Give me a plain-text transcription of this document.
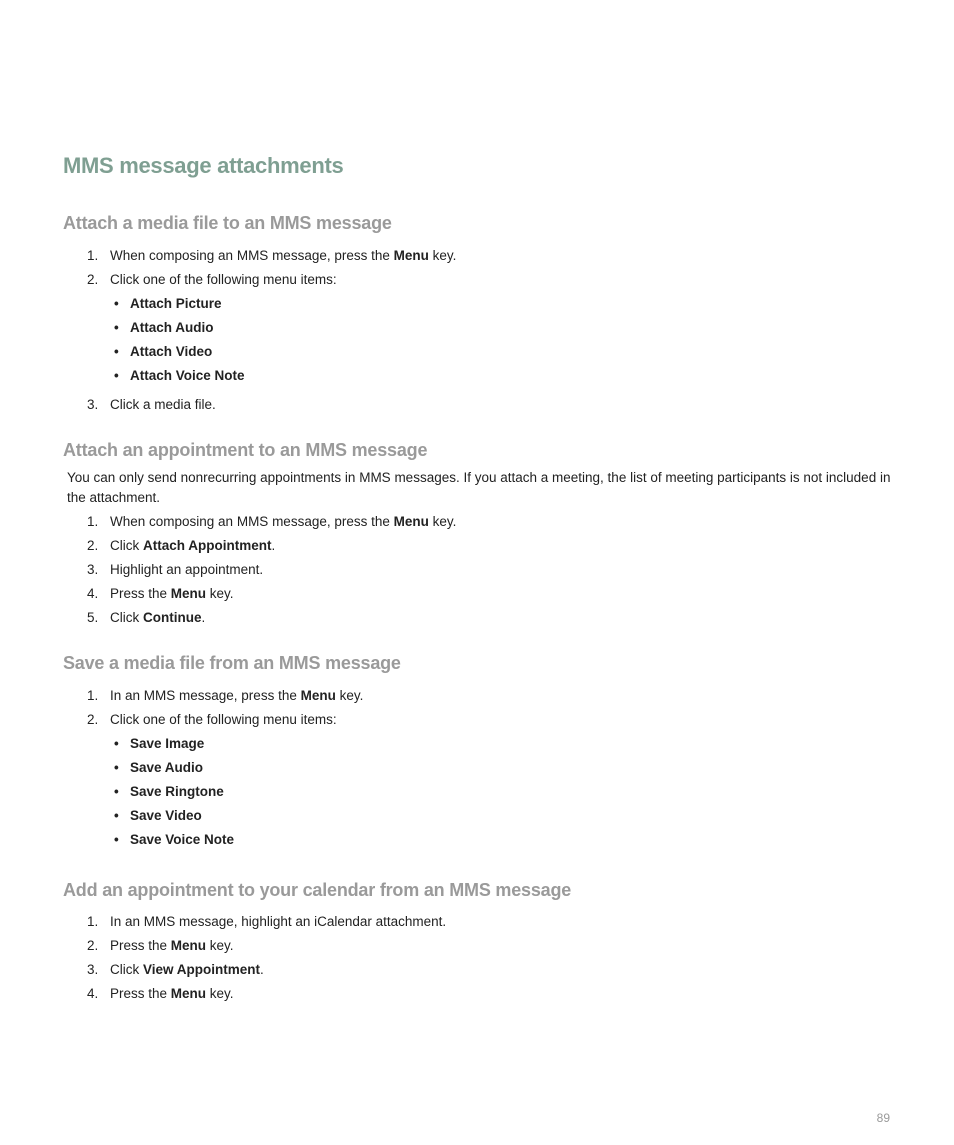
MMS message attachments
Attach a media file to an MMS message
1. When composing an MMS message, press the Menu key.
2. Click one of the following menu items:
• Attach Picture
• Attach Audio
• Attach Video
• Attach Voice Note
3. Click a media file.
Attach an appointment to an MMS message

You can only send nonrecurring appointments in MMS messages. If you attach a meeting, the list of meeting participants is not included in the attachment.

1. When composing an MMS message, press the Menu key.
2. Click Attach Appointment.
3. Highlight an appointment.
4. Press the Menu key.
5. Click Continue.
Save a media file from an MMS message
1. In an MMS message, press the Menu key.
2. Click one of the following menu items:
• Save Image
• Save Audio
• Save Ringtone
• Save Video
• Save Voice Note
Add an appointment to your calendar from an MMS message
1. In an MMS message, highlight an iCalendar attachment.
2. Press the Menu key.
3. Click View Appointment.
4. Press the Menu key.
89
